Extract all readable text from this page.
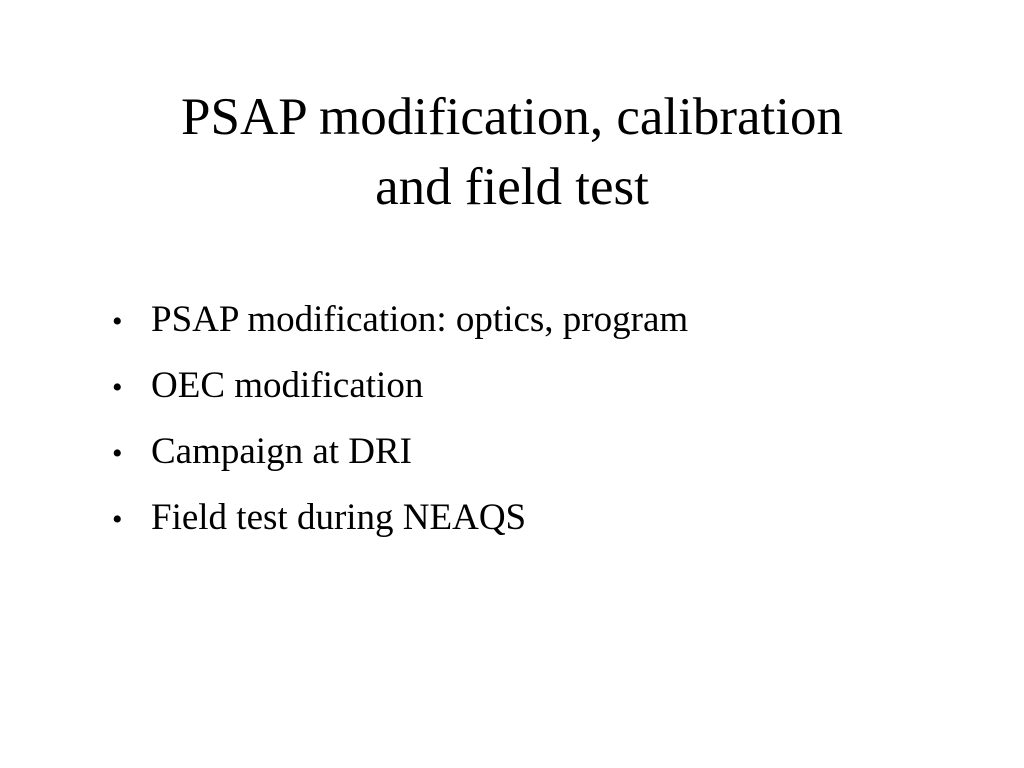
PSAP modification, calibration
and field test
• PSAP modification: optics, program
• OEC modification
• Campaign at DRI
• Field test during NEAQS
